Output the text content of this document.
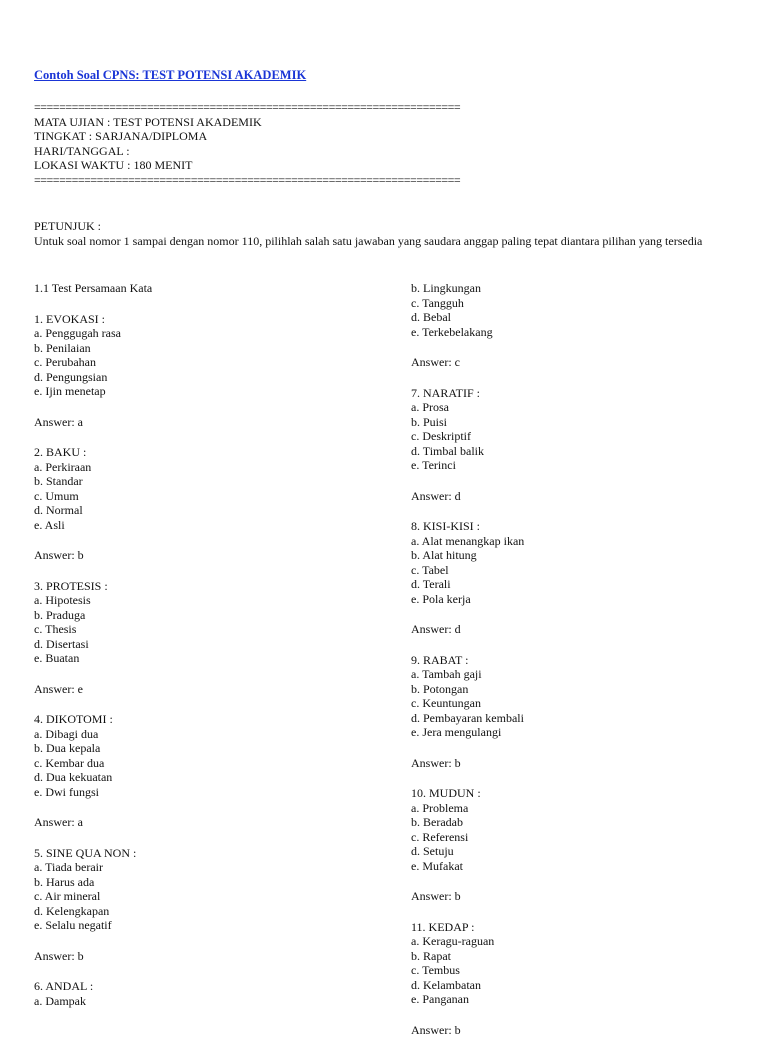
Contoh Soal CPNS: TEST POTENSI AKADEMIK
====================================================================
MATA UJIAN : TEST POTENSI AKADEMIK
TINGKAT : SARJANA/DIPLOMA
HARI/TANGGAL :
LOKASI WAKTU : 180 MENIT
====================================================================
PETUNJUK :
Untuk soal nomor 1 sampai dengan nomor 110, pilihlah salah satu jawaban yang saudara anggap paling tepat diantara pilihan yang tersedia
1.1 Test Persamaan Kata
1. EVOKASI :
a. Penggugah rasa
b. Penilaian
c. Perubahan
d. Pengungsian
e. Ijin menetap
Answer: a
2. BAKU :
a. Perkiraan
b. Standar
c. Umum
d. Normal
e. Asli
Answer: b
3. PROTESIS :
a. Hipotesis
b. Praduga
c. Thesis
d. Disertasi
e. Buatan
Answer: e
4. DIKOTOMI :
a. Dibagi dua
b. Dua kepala
c. Kembar dua
d. Dua kekuatan
e. Dwi fungsi
Answer: a
5. SINE QUA NON :
a. Tiada berair
b. Harus ada
c. Air mineral
d. Kelengkapan
e. Selalu negatif
Answer: b
6. ANDAL :
a. Dampak
b. Lingkungan
c. Tangguh
d. Bebal
e. Terkebelakang
Answer: c
7. NARATIF :
a. Prosa
b. Puisi
c. Deskriptif
d. Timbal balik
e. Terinci
Answer: d
8. KISI-KISI :
a. Alat menangkap ikan
b. Alat hitung
c. Tabel
d. Terali
e. Pola kerja
Answer: d
9. RABAT :
a. Tambah gaji
b. Potongan
c. Keuntungan
d. Pembayaran kembali
e. Jera mengulangi
Answer: b
10. MUDUN :
a. Problema
b. Beradab
c. Referensi
d. Setuju
e. Mufakat
Answer: b
11. KEDAP :
a. Keragu-raguan
b. Rapat
c. Tembus
d. Kelambatan
e. Panganan
Answer: b
